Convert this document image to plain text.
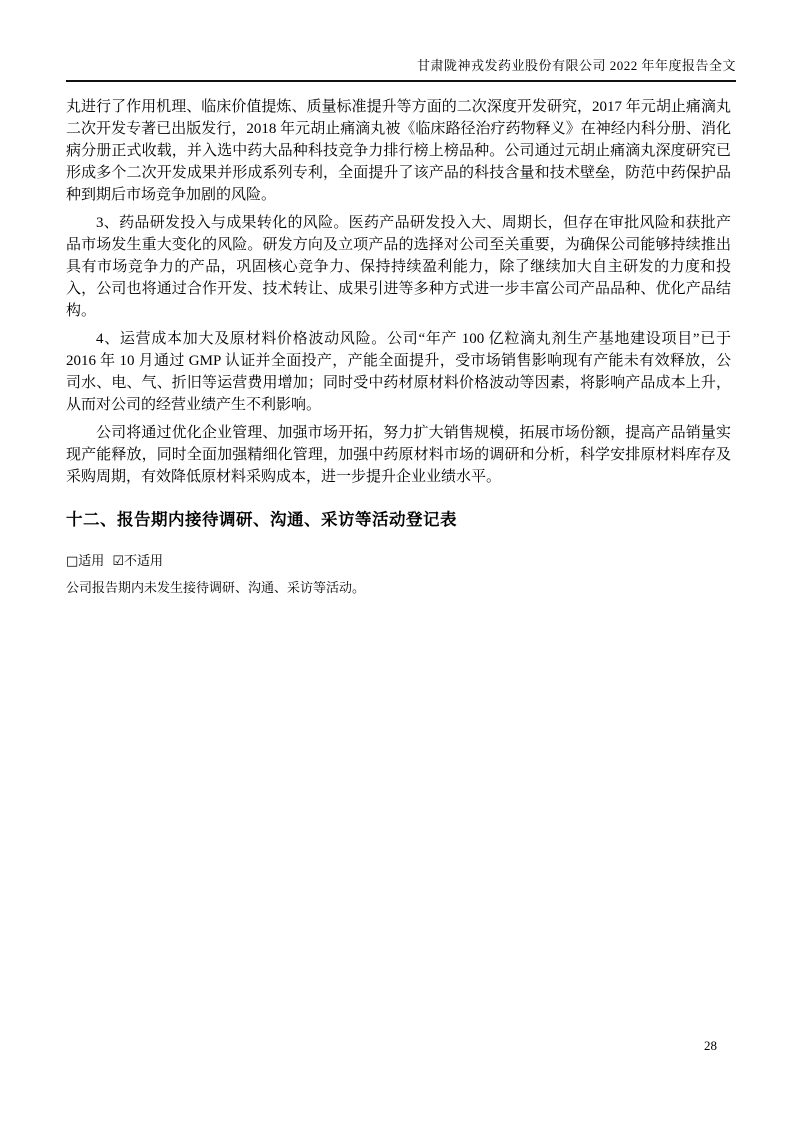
甘肃陇神戎发药业股份有限公司 2022 年年度报告全文

丸进行了作用机理、临床价值提炼、质量标准提升等方面的二次深度开发研究，2017 年元胡止痛滴丸二次开发专著已出版发行，2018 年元胡止痛滴丸被《临床路径治疗药物释义》在神经内科分册、消化病分册正式收载，并入选中药大品种科技竞争力排行榜上榜品种。公司通过元胡止痛滴丸深度研究已形成多个二次开发成果并形成系列专利，全面提升了该产品的科技含量和技术壁垒，防范中药保护品种到期后市场竞争加剧的风险。

3、药品研发投入与成果转化的风险。医药产品研发投入大、周期长，但存在审批风险和获批产品市场发生重大变化的风险。研发方向及立项产品的选择对公司至关重要，为确保公司能够持续推出具有市场竞争力的产品，巩固核心竞争力、保持持续盈利能力，除了继续加大自主研发的力度和投入，公司也将通过合作开发、技术转让、成果引进等多种方式进一步丰富公司产品品种、优化产品结构。

4、运营成本加大及原材料价格波动风险。公司“年产 100 亿粒滴丸剂生产基地建设项目”已于 2016 年 10 月通过 GMP 认证并全面投产，产能全面提升，受市场销售影响现有产能未有效释放，公司水、电、气、折旧等运营费用增加；同时受中药材原材料价格波动等因素，将影响产品成本上升，从而对公司的经营业绩产生不利影响。

公司将通过优化企业管理、加强市场开拓，努力扩大销售规模，拓展市场份额，提高产品销量实现产能释放，同时全面加强精细化管理，加强中药原材料市场的调研和分析，科学安排原材料库存及采购周期，有效降低原材料采购成本，进一步提升企业业绩水平。

十二、报告期内接待调研、沟通、采访等活动登记表
□适用 ☑不适用

公司报告期内未发生接待调研、沟通、采访等活动。

28
